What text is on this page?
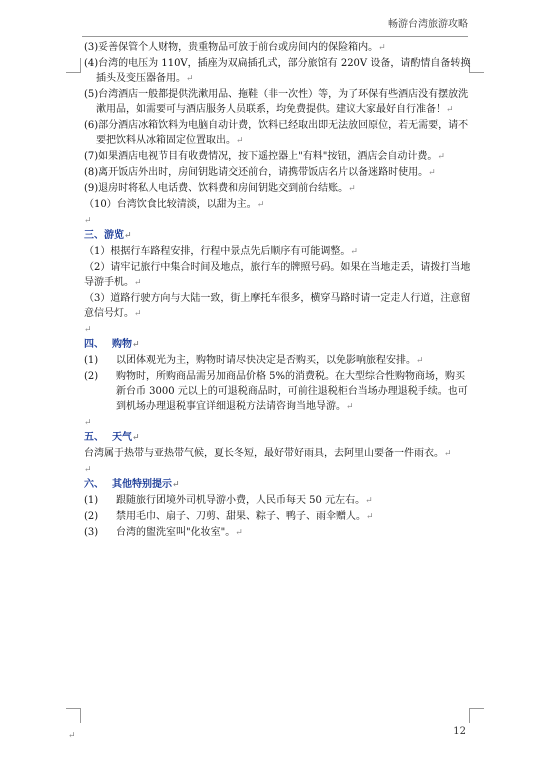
畅游台湾旅游攻略

(3)妥善保管个人财物，贵重物品可放于前台或房间内的保险箱内。↵

(4)台湾的电压为 110V，插座为双扁插孔式，部分旅馆有 220V 设备，请酌情自备转换插头及变压器备用。↵

(5)台湾酒店一般都提供洗漱用品、拖鞋（非一次性）等，为了环保有些酒店没有摆放洗漱用品，如需要可与酒店服务人员联系，均免费提供。建议大家最好自行准备！↵

(6)部分酒店冰箱饮料为电脑自动计费，饮料已经取出即无法放回原位，若无需要，请不要把饮料从冰箱固定位置取出。↵

(7)如果酒店电视节目有收费情况，按下遥控器上"有料"按钮，酒店会自动计费。↵

(8)离开饭店外出时，房间钥匙请交还前台，请携带饭店名片以备迷路时使用。↵

(9)退房时将私人电话费、饮料费和房间钥匙交到前台结账。↵

（10）台湾饮食比较清淡，以甜为主。↵

↵

三、游览↵

（1）根据行车路程安排，行程中景点先后顺序有可能调整。↵

（2）请牢记旅行中集合时间及地点，旅行车的牌照号码。如果在当地走丢，请拨打当地导游手机。↵

（3）道路行驶方向与大陆一致，街上摩托车很多，横穿马路时请一定走人行道，注意留意信号灯。↵

↵

四、 购物↵

(1) 以团体观光为主，购物时请尽快决定是否购买，以免影响旅程安排。↵

(2) 购物时，所购商品需另加商品价格 5%的消费税。在大型综合性购物商场，购买新台币 3000 元以上的可退税商品时，可前往退税柜台当场办理退税手续。也可到机场办理退税事宜详细退税方法请咨询当地导游。↵

↵

五、 天气↵

台湾属于热带与亚热带气候，夏长冬短，最好带好雨具，去阿里山要备一件雨衣。↵

↵

六、 其他特别提示↵

(1) 跟随旅行团境外司机导游小费，人民币每天 50 元左右。↵

(2) 禁用毛巾、扇子、刀剪、甜果、粽子、鸭子、雨伞赠人。↵

(3) 台湾的盥洗室叫"化妆室"。↵

↵	12
